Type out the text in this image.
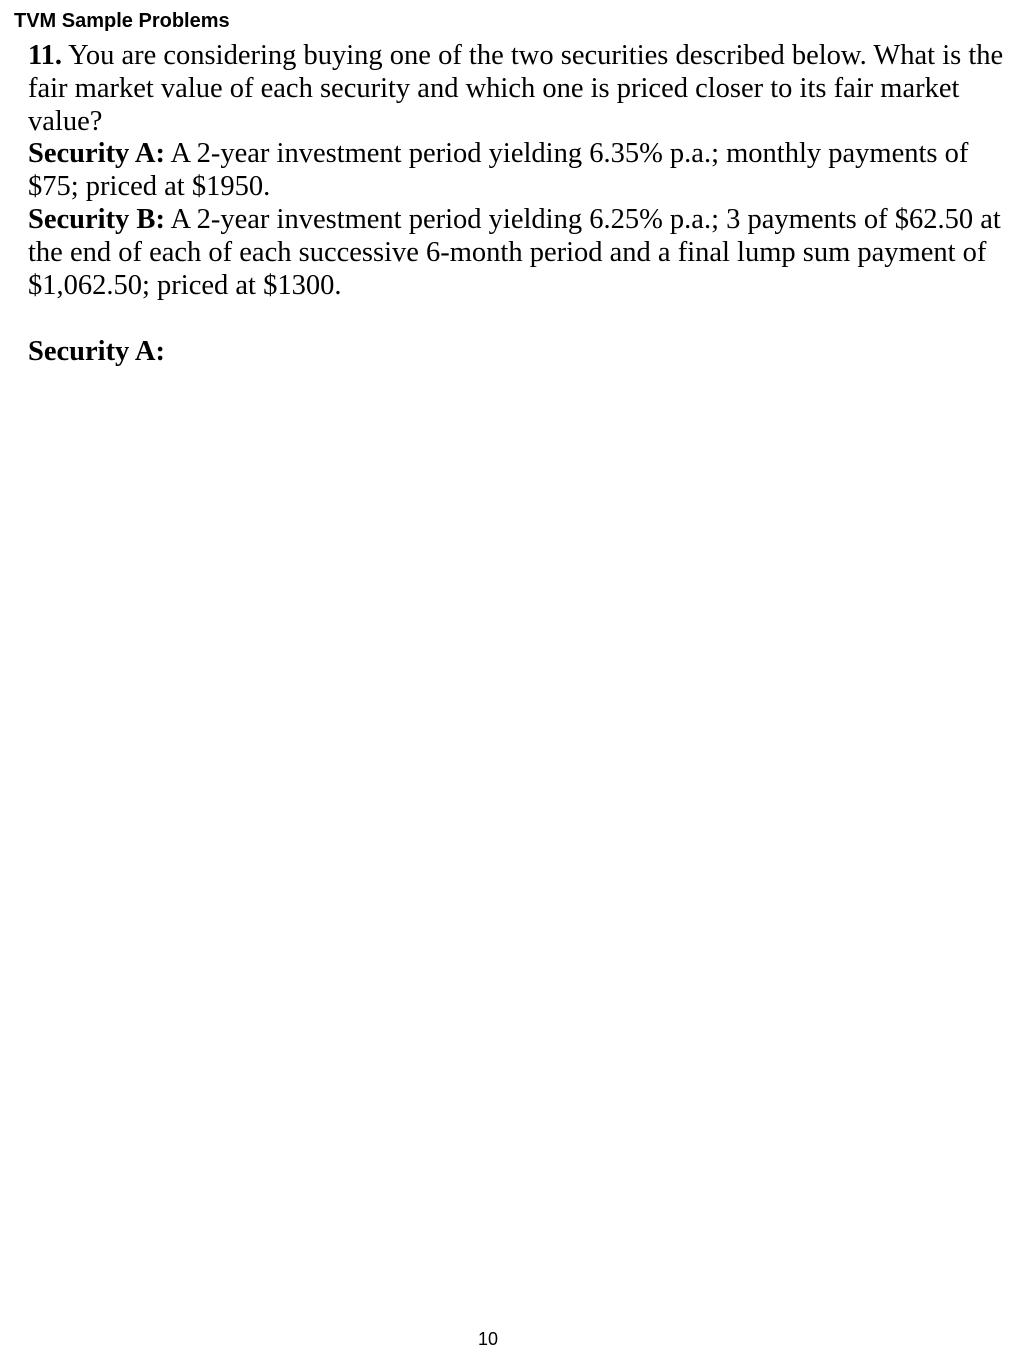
TVM Sample Problems

11. You are considering buying one of the two securities described below. What is the fair market value of each security and which one is priced closer to its fair market value?

Security A: A 2-year investment period yielding 6.35% p.a.; monthly payments of $75; priced at $1950.

Security B: A 2-year investment period yielding 6.25% p.a.; 3 payments of $62.50 at the end of each of each successive 6-month period and a final lump sum payment of $1,062.50; priced at $1300.

Security A:
10
